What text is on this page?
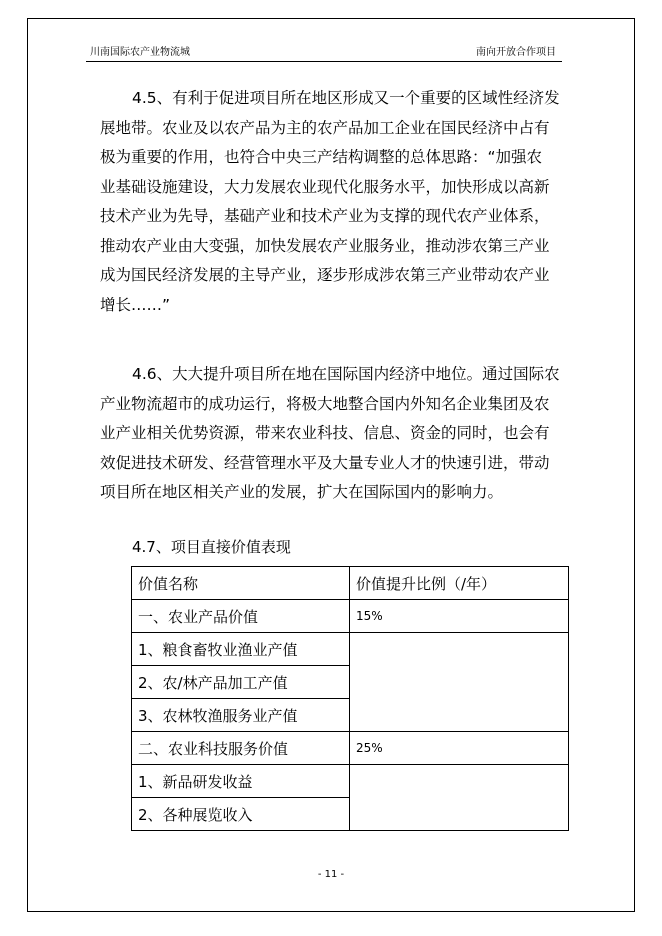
川南国际农产业物流城	南向开放合作项目

4.5、有利于促进项目所在地区形成又一个重要的区域性经济发
展地带。农业及以农产品为主的农产品加工企业在国民经济中占有
极为重要的作用，也符合中央三产结构调整的总体思路：“加强农
业基础设施建设，大力发展农业现代化服务水平，加快形成以高新
技术产业为先导，基础产业和技术产业为支撑的现代农产业体系，
推动农产业由大变强，加快发展农产业服务业，推动涉农第三产业
成为国民经济发展的主导产业，逐步形成涉农第三产业带动农产业
增长……”

4.6、大大提升项目所在地在国际国内经济中地位。通过国际农
产业物流超市的成功运行，将极大地整合国内外知名企业集团及农
业产业相关优势资源，带来农业科技、信息、资金的同时，也会有
效促进技术研发、经营管理水平及大量专业人才的快速引进，带动
项目所在地区相关产业的发展，扩大在国际国内的影响力。

4.7、项目直接价值表现
价值名称	价值提升比例（/年）
一、农业产品价值	15%
1、粮食畜牧业渔业产值	
2、农/林产品加工产值	
3、农林牧渔服务业产值	
二、农业科技服务价值	25%
1、新品研发收益	
2、各种展览收入	
- 11 -
